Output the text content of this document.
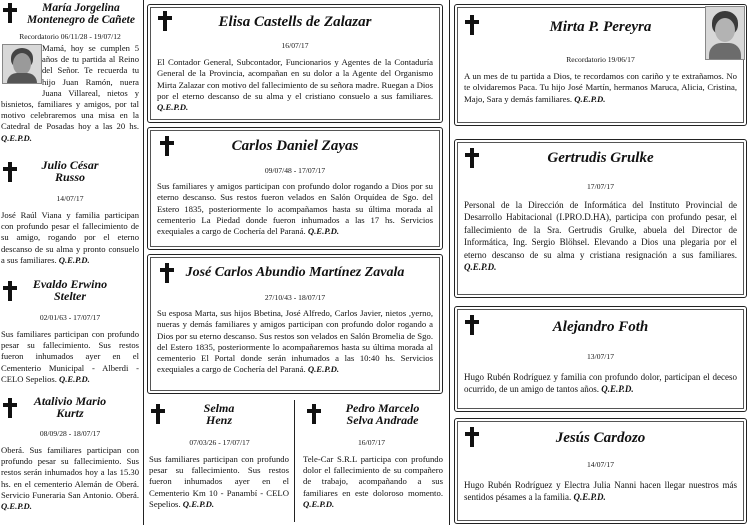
María Jorgelina Montenegro de Cañete
Recordatorio 06/11/28 - 19/07/12
Mamá, hoy se cumplen 5 años de tu partida al Reino del Señor. Te recuerda tu hijo Juan Ramón, nuera Juana Villareal, nietos y bisnietos, familiares y amigos, por tal motivo celebraremos una misa en la Catedral de Posadas hoy a las 20 hs. Q.E.P.D.
Julio César
Russo
14/07/17
José Raúl Viana y familia participan con profundo pesar el fallecimiento de su amigo, rogando por el eterno descanso de su alma y pronto consuelo a sus familiares. Q.E.P.D.
Evaldo Erwino
Stelter
02/01/63 - 17/07/17
Sus familiares participan con profundo pesar su fallecimiento. Sus restos fueron inhumados ayer en el Cementerio Municipal - Alberdi - CELO Sepelios. Q.E.P.D.
Atalivio Mario
Kurtz
08/09/28 - 18/07/17
Oberá. Sus familiares participan con profundo pesar su fallecimiento. Sus restos serán inhumados hoy a las 15.30 hs. en el cementerio Alemán de Oberá. Servicio Funeraria San Antonio. Oberá. Q.E.P.D.
Elisa Castells de Zalazar
16/07/17
El Contador General, Subcontador, Funcionarios y Agentes de la Contaduría General de la Provincia, acompañan en su dolor a la Agente del Organismo Mirta Zalazar con motivo del fallecimiento de su señora madre. Ruegan a Dios por el eterno descanso de su alma y el cristiano consuelo a sus familiares. Q.E.P.D.
Carlos Daniel Zayas
09/07/48 - 17/07/17
Sus familiares y amigos participan con profundo dolor rogando a Dios por su eterno descanso. Sus restos fueron velados en Salón Orquídea de Sgo. del Estero 1835, posteriormente lo acompañamos hasta su última morada al cementerio La Piedad donde fueron inhumados a las 17 hs. Servicios exequiales a cargo de Cochería del Paraná. Q.E.P.D.
José Carlos Abundio Martínez Zavala
27/10/43 - 18/07/17
Su esposa Marta, sus hijos Bbetina, José Alfredo, Carlos Javier, nietos ,yerno, nueras y demás familiares y amigos participan con profundo dolor rogando a Dios por su eterno descanso. Sus restos son velados en Salón Bromelia de Sgo. del Estero 1835, posteriormente lo acompañaremos hasta su última morada al cementerio El Portal donde serán inhumados a las 10:40 hs. Servicios exequiales a cargo de Cochería del Paraná. Q.E.P.D.
Selma
Henz
07/03/26 - 17/07/17
Sus familiares participan con profundo pesar su fallecimiento. Sus restos fueron inhumados ayer en el Cementerio Km 10 - Panambí - CELO Sepelios. Q.E.P.D.
Pedro Marcelo
Selva Andrade
16/07/17
Tele-Car S.R.L participa con profundo dolor el fallecimiento de su compañero de trabajo, acompañando a sus familiares en este doloroso momento. Q.E.P.D.
Mirta P. Pereyra
Recordatorio 19/06/17
A un mes de tu partida a Dios, te recordamos con cariño y te extrañamos. No te olvidaremos Paca. Tu hijo José Martín, hermanos Maruca, Alicia, Cristina, Majo, Sara y demás familiares. Q.E.P.D.
Gertrudis Grulke
17/07/17
Personal de la Dirección de Informática del Instituto Provincial de Desarrollo Habitacional (I.PRO.D.HA), participa con profundo pesar, el fallecimiento de la Sra. Gertrudis Grulke, abuela del Director de Informática, Ing. Sergio Blöhsel. Elevando a Dios una plegaria por el eterno descanso de su alma y cristiana resignación a sus familiares. Q.E.P.D.
Alejandro Foth
13/07/17
Hugo Rubén Rodríguez y familia con profundo dolor, participan el deceso ocurrido, de un amigo de tantos años. Q.E.P.D.
Jesús Cardozo
14/07/17
Hugo Rubén Rodríguez y Electra Julia Nanni hacen llegar nuestros más sentidos pésames a la familia. Q.E.P.D.
